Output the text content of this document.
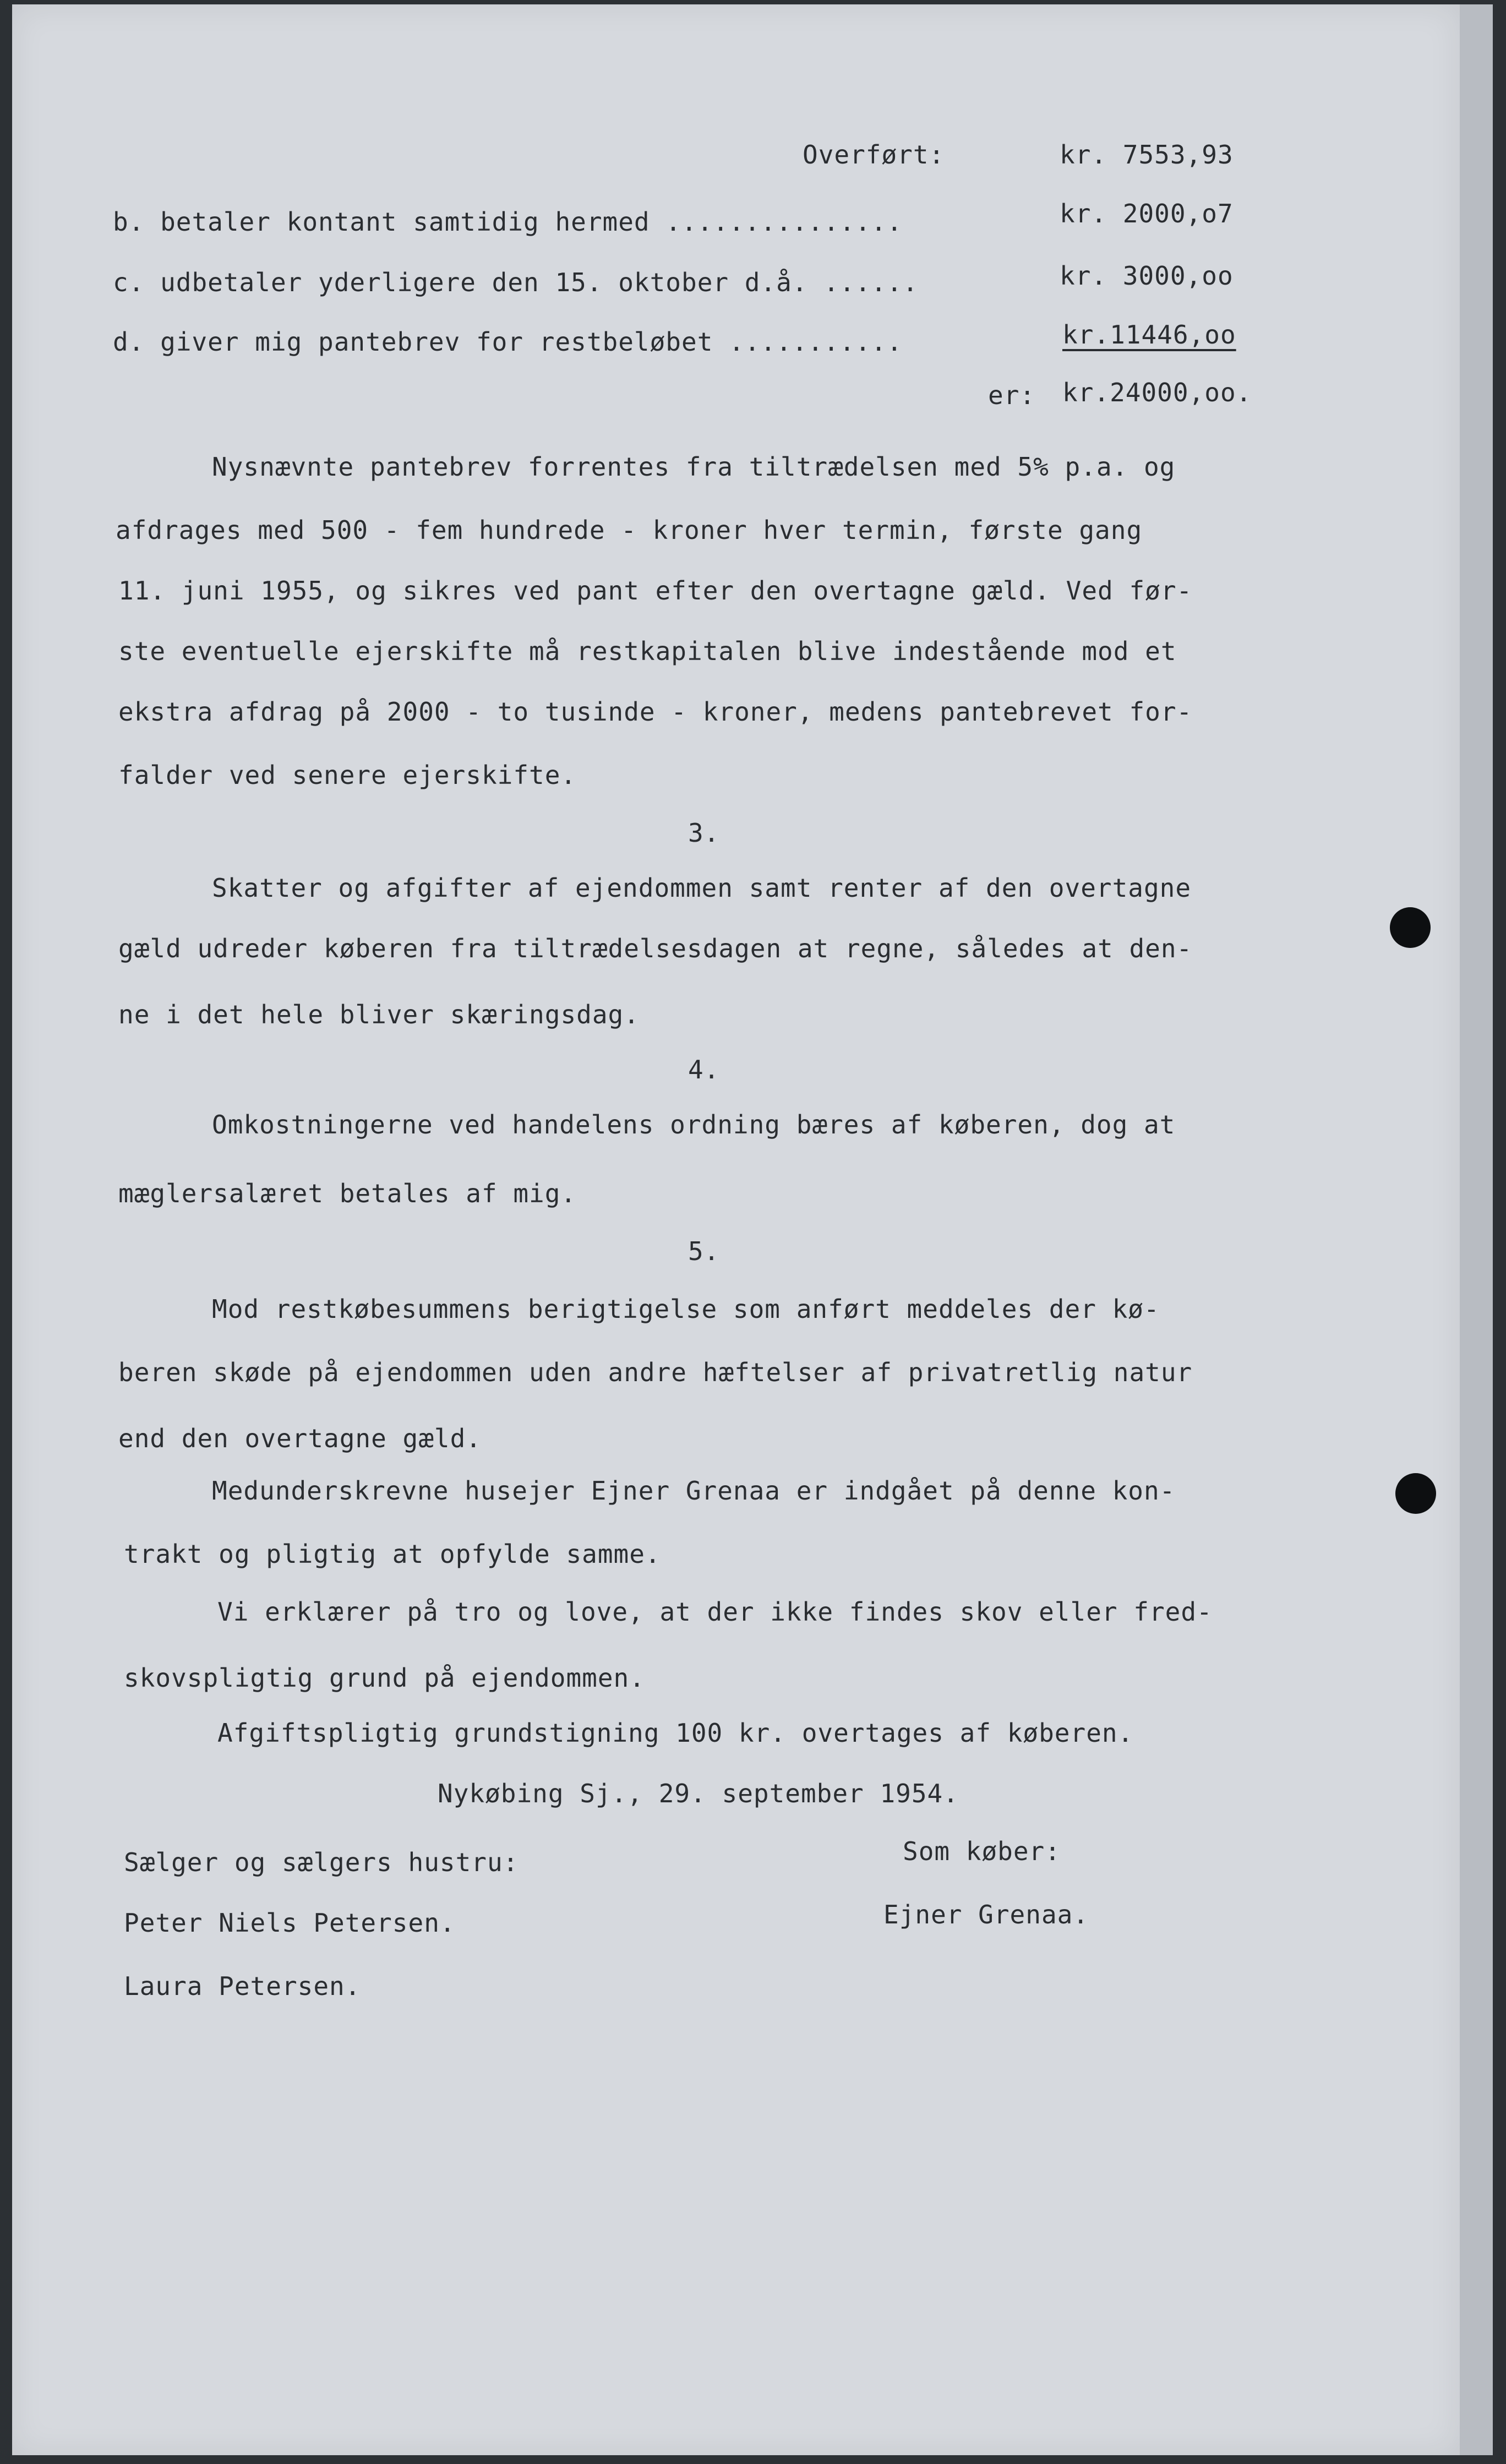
Overført:	kr. 7553,93
b. betaler kontant samtidig hermed ...............	kr. 2000,o7
c. udbetaler yderligere den 15. oktober d.å. ......	kr. 3000,oo
d. giver mig pantebrev for restbeløbet ...........	kr.11446,oo
er: kr.24000,oo.
Nysnævnte pantebrev forrentes fra tiltrædelsen med 5% p.a. og
afdrages med 500 - fem hundrede - kroner hver termin, første gang
11. juni 1955, og sikres ved pant efter den overtagne gæld. Ved før-
ste eventuelle ejerskifte må restkapitalen blive indestående mod et
ekstra afdrag på 2000 - to tusinde - kroner, medens pantebrevet for-
falder ved senere ejerskifte.
3.
Skatter og afgifter af ejendommen samt renter af den overtagne
gæld udreder køberen fra tiltrædelsesdagen at regne, således at den-
ne i det hele bliver skæringsdag.
4.
Omkostningerne ved handelens ordning bæres af køberen, dog at
mæglersalæret betales af mig.
5.
Mod restkøbesummens berigtigelse som anført meddeles der kø-
beren skøde på ejendommen uden andre hæftelser af privatretlig natur
end den overtagne gæld.
Medunderskrevne husejer Ejner Grenaa er indgået på denne kon-
trakt og pligtig at opfylde samme.
Vi erklærer på tro og love, at der ikke findes skov eller fred-
skovspligtig grund på ejendommen.
Afgiftspligtig grundstigning 100 kr. overtages af køberen.
Nykøbing Sj., 29. september 1954.
Sælger og sælgers hustru:	Som køber:
Peter Niels Petersen.	Ejner Grenaa.
Laura Petersen.
